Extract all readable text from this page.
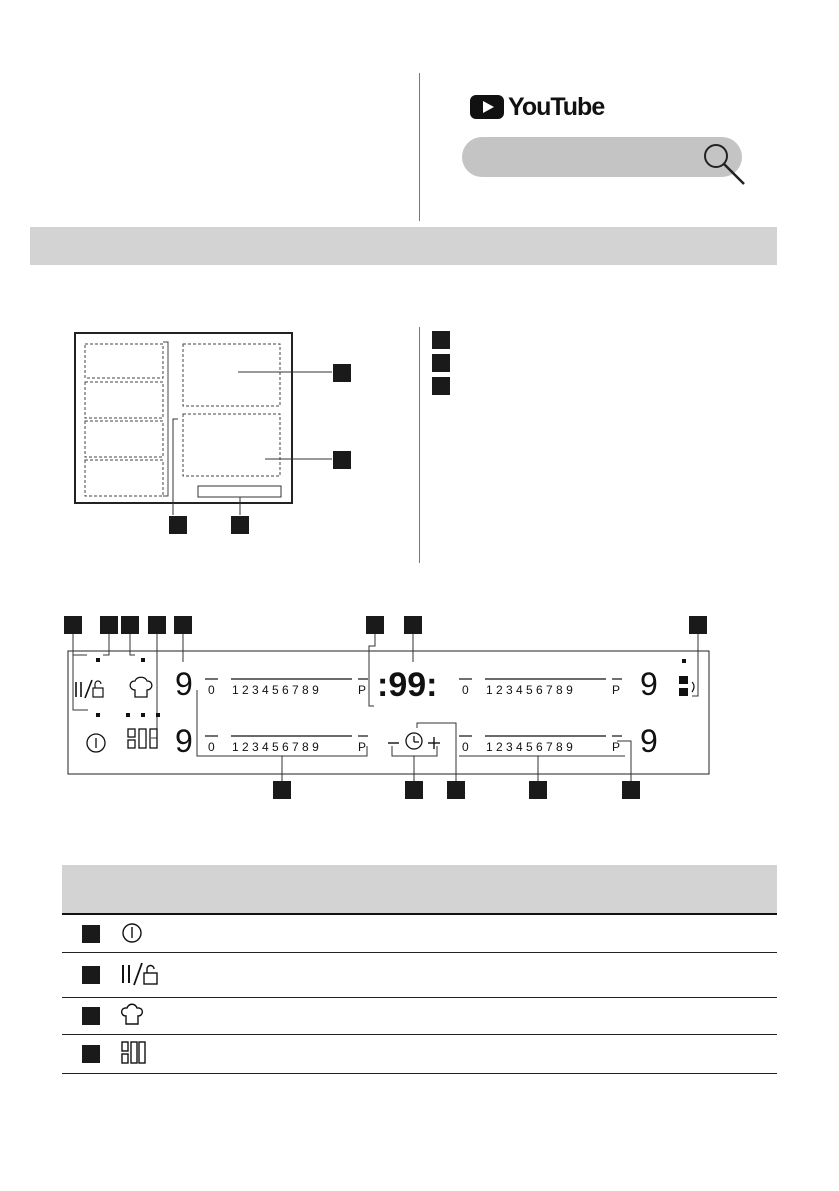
YouTube
9
9
9
9
:99:
0 1 2 3 4 5 6 7 8 9	P
0 1 2 3 4 5 6 7 8 9	P
0 1 2 3 4 5 6 7 8 9	P
0 1 2 3 4 5 6 7 8 9	P
